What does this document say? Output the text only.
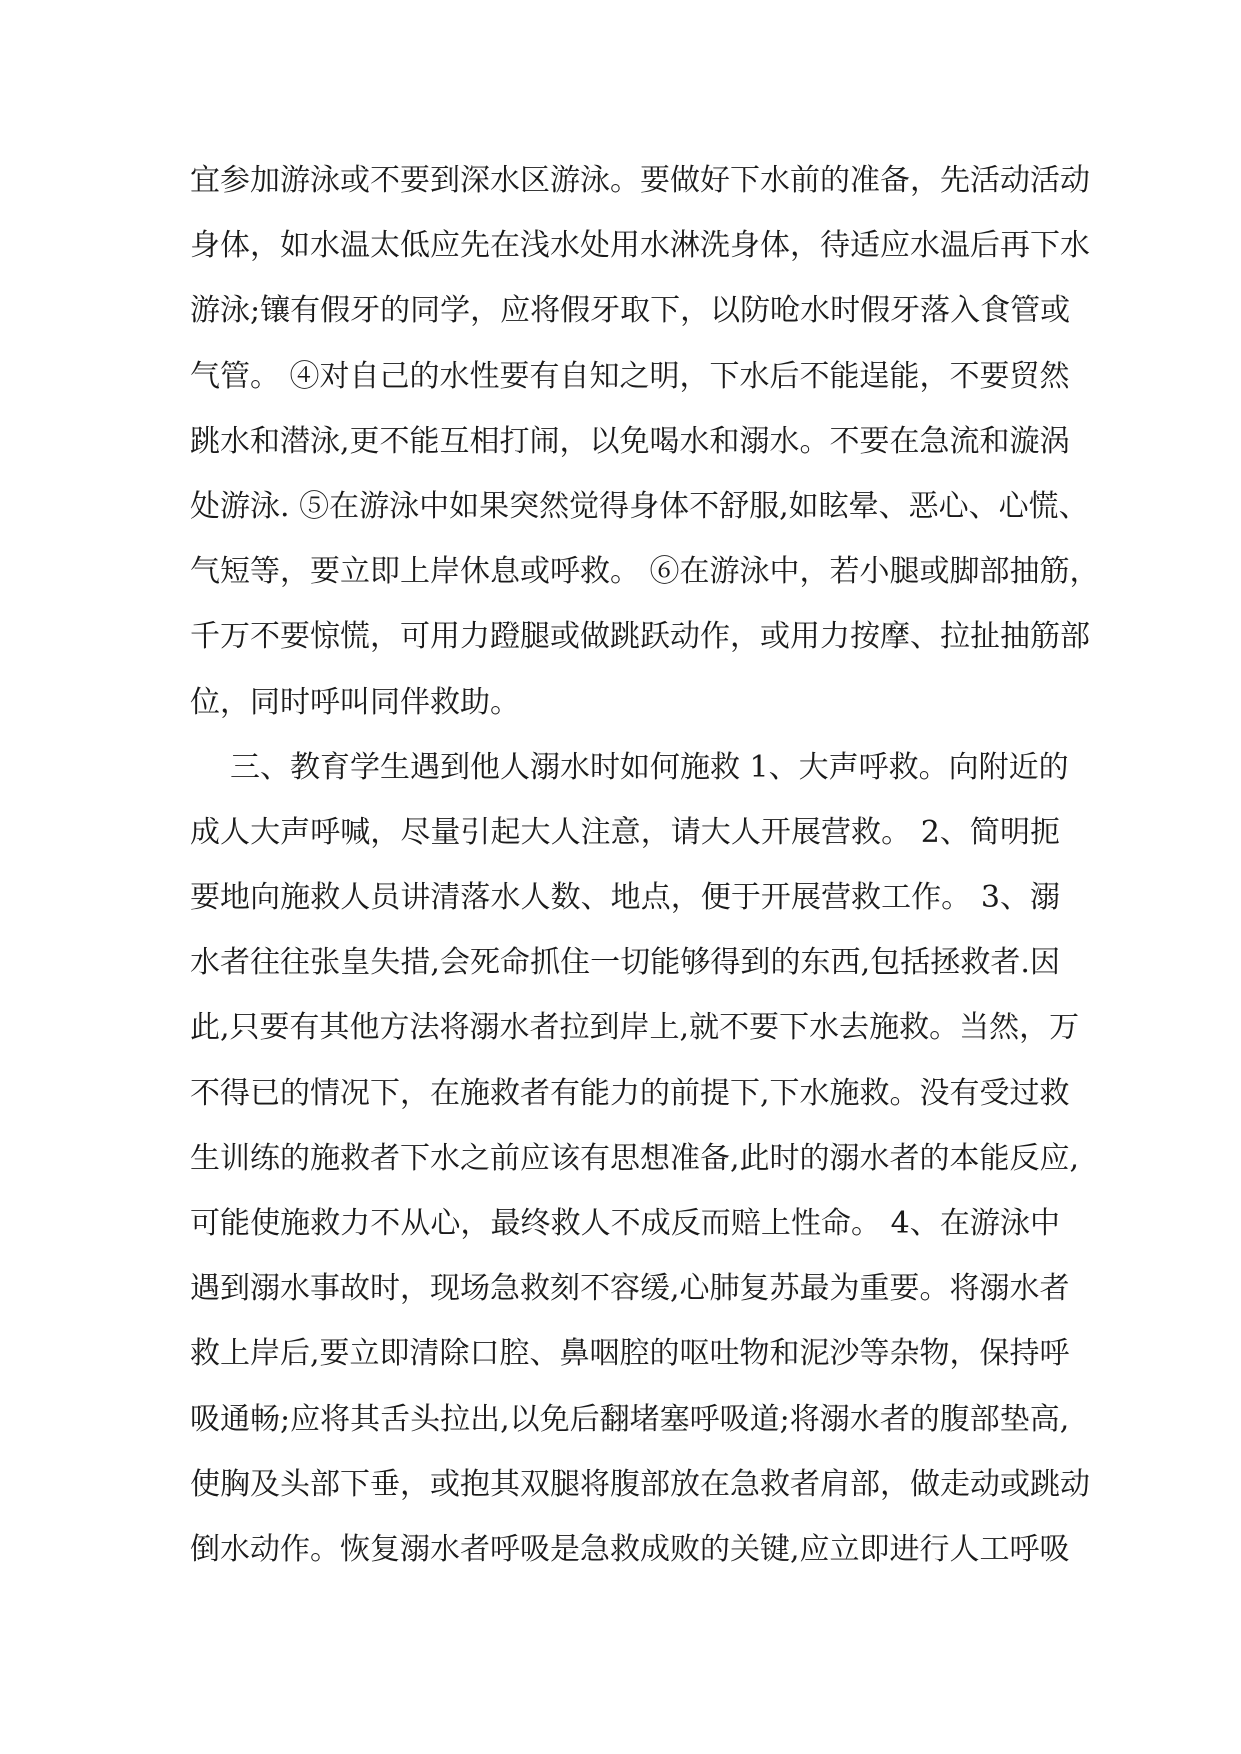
宜参加游泳或不要到深水区游泳。要做好下水前的准备，先活动活动
身体，如水温太低应先在浅水处用水淋洗身体，待适应水温后再下水
游泳;镶有假牙的同学，应将假牙取下，以防呛水时假牙落入食管或
气管。 ④对自己的水性要有自知之明，下水后不能逞能，不要贸然
跳水和潜泳,更不能互相打闹，以免喝水和溺水。不要在急流和漩涡
处游泳. ⑤在游泳中如果突然觉得身体不舒服,如眩晕、恶心、心慌、
气短等，要立即上岸休息或呼救。 ⑥在游泳中，若小腿或脚部抽筋，
千万不要惊慌，可用力蹬腿或做跳跃动作，或用力按摩、拉扯抽筋部
位，同时呼叫同伴救助。
三、教育学生遇到他人溺水时如何施救 1、大声呼救。向附近的
成人大声呼喊，尽量引起大人注意，请大人开展营救。 2、简明扼
要地向施救人员讲清落水人数、地点，便于开展营救工作。 3、溺
水者往往张皇失措,会死命抓住一切能够得到的东西,包括拯救者.因
此,只要有其他方法将溺水者拉到岸上,就不要下水去施救。当然，万
不得已的情况下，在施救者有能力的前提下,下水施救。没有受过救
生训练的施救者下水之前应该有思想准备,此时的溺水者的本能反应,
可能使施救力不从心，最终救人不成反而赔上性命。 4、在游泳中
遇到溺水事故时，现场急救刻不容缓,心肺复苏最为重要。将溺水者
救上岸后,要立即清除口腔、鼻咽腔的呕吐物和泥沙等杂物，保持呼
吸通畅;应将其舌头拉出,以免后翻堵塞呼吸道;将溺水者的腹部垫高,
使胸及头部下垂，或抱其双腿将腹部放在急救者肩部，做走动或跳动
倒水动作。恢复溺水者呼吸是急救成败的关键,应立即进行人工呼吸
